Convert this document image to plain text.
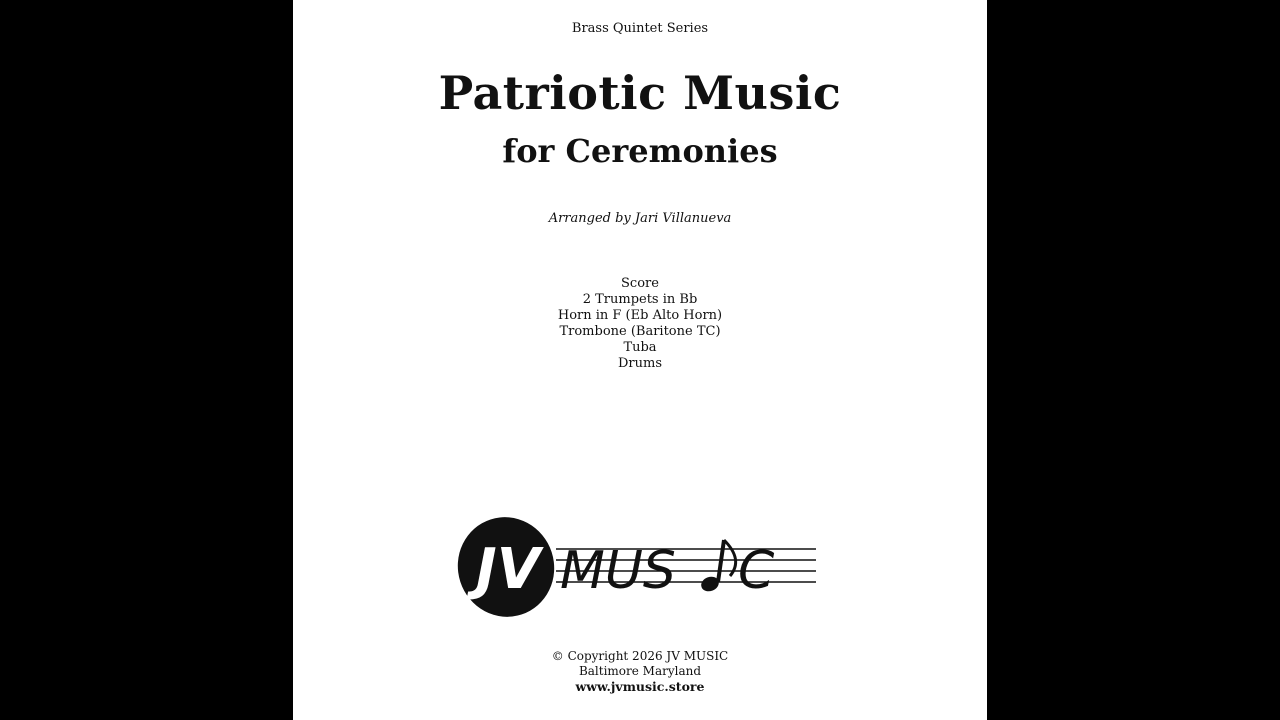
Brass Quintet Series
Patriotic Music
for Ceremonies
Arranged by Jari Villanueva
Score
2 Trumpets in Bb
Horn in F (Eb Alto Horn)
Trombone (Baritone TC)
Tuba
Drums
JV MUS C
© Copyright 2026 JV MUSIC
Baltimore Maryland
www.jvmusic.store
